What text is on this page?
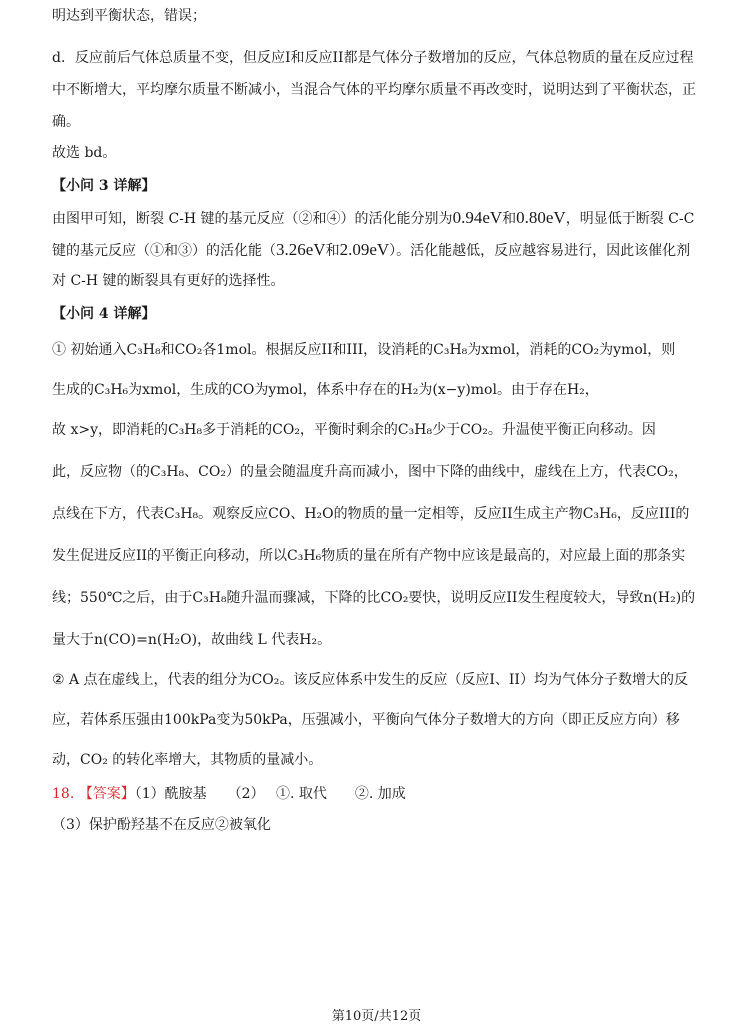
明达到平衡状态，错误；
d．反应前后气体总质量不变，但反应I和反应II都是气体分子数增加的反应，气体总物质的量在反应过程
中不断增大，平均摩尔质量不断减小，当混合气体的平均摩尔质量不再改变时，说明达到了平衡状态，正
确。
故选 bd。
【小问 3 详解】
由图甲可知，断裂 C-H 键的基元反应（②和④）的活化能分别为0.94eV和0.80eV，明显低于断裂 C-C
键的基元反应（①和③）的活化能（3.26eV和2.09eV）。活化能越低，反应越容易进行，因此该催化剂
对 C-H 键的断裂具有更好的选择性。
【小问 4 详解】
① 初始通入C₃H₈和CO₂各1mol。根据反应II和III，设消耗的C₃H₈为xmol，消耗的CO₂为ymol，则
生成的C₃H₆为xmol，生成的CO为ymol，体系中存在的H₂为(x−y)mol。由于存在H₂，
故 x>y，即消耗的C₃H₈多于消耗的CO₂，平衡时剩余的C₃H₈少于CO₂。升温使平衡正向移动。因
此，反应物（的C₃H₈、CO₂）的量会随温度升高而减小，图中下降的曲线中，虚线在上方，代表CO₂，
点线在下方，代表C₃H₈。观察反应CO、H₂O的物质的量一定相等，反应II生成主产物C₃H₆，反应III的
发生促进反应II的平衡正向移动，所以C₃H₆物质的量在所有产物中应该是最高的，对应最上面的那条实
线；550℃之后，由于C₃H₈随升温而骤减，下降的比CO₂要快，说明反应II发生程度较大，导致n(H₂)的
量大于n(CO)=n(H₂O)，故曲线 L 代表H₂。
② A 点在虚线上，代表的组分为CO₂。该反应体系中发生的反应（反应I、II）均为气体分子数增大的反
应，若体系压强由100kPa变为50kPa，压强减小，平衡向气体分子数增大的方向（即正反应方向）移
动，CO₂ 的转化率增大，其物质的量减小。
18. 【答案】（1）酰胺基　　（2）　 ①. 取代　　②. 加成
（3）保护酚羟基不在反应②被氧化
第10页/共12页
